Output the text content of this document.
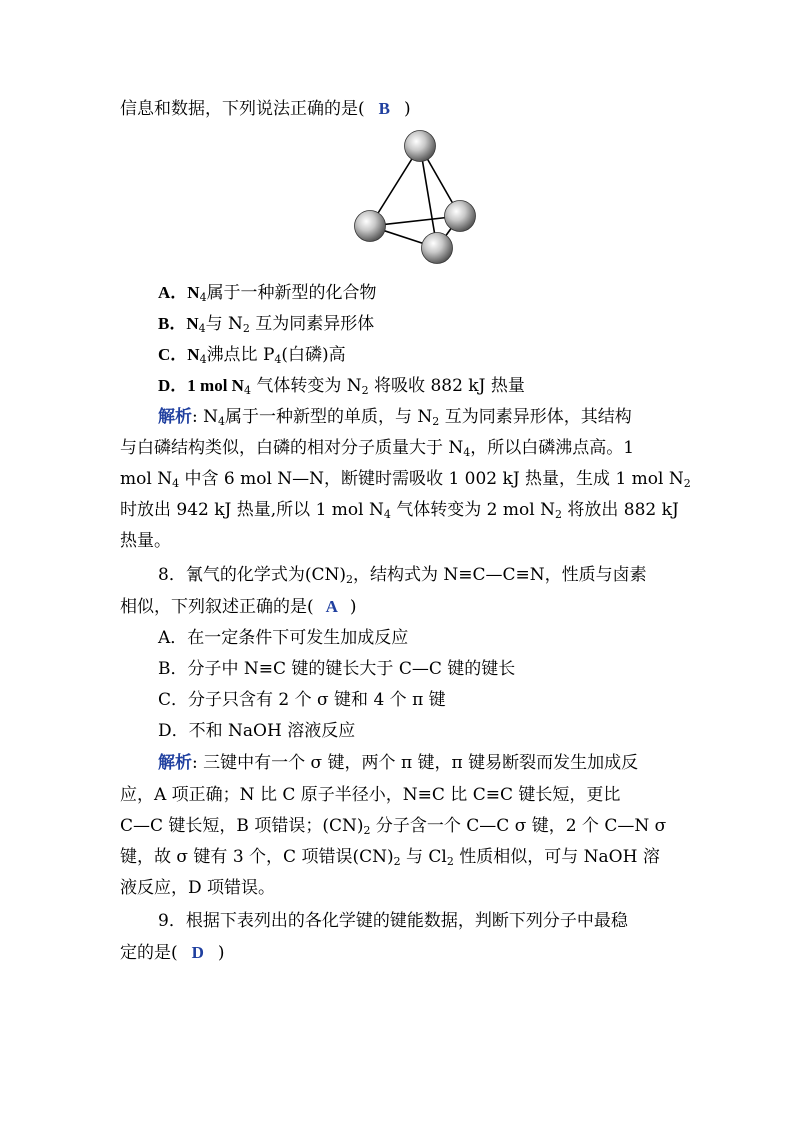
信息和数据，下列说法正确的是( B )
A．$N_4$属于一种新型的化合物
B．$N_4$与 $N_2$ 互为同素异形体
C．$N_4$沸点比 $P_4$(白磷)高
D．1 mol $N_4$ 气体转变为 $N_2$ 将吸收 882 kJ 热量
解析: $N_4$属于一种新型的单质，与 $N_2$ 互为同素异形体，其结构
与白磷结构类似，白磷的相对分子质量大于 $N_4$，所以白磷沸点高。1
mol $N_4$ 中含 6 mol N—N，断键时需吸收 1 002 kJ 热量，生成 1 mol $N_2$
时放出 942 kJ 热量,所以 1 mol $N_4$ 气体转变为 2 mol $N_2$ 将放出 882 kJ
热量。
8．氰气的化学式为$(CN)_2$，结构式为 N≡C—C≡N，性质与卤素
相似，下列叙述正确的是( A )
A．在一定条件下可发生加成反应
B．分子中 N≡C 键的键长大于 C—C 键的键长
C．分子只含有 2 个 σ 键和 4 个 π 键
D．不和 NaOH 溶液反应
解析: 三键中有一个 σ 键，两个 π 键，π 键易断裂而发生加成反
应，A 项正确；N 比 C 原子半径小，N≡C 比 C≡C 键长短，更比
C—C 键长短，B 项错误；$(CN)_2$ 分子含一个 C—C σ 键，2 个 C—N σ
键，故 σ 键有 3 个，C 项错误$(CN)_2$ 与 $Cl_2$ 性质相似，可与 NaOH 溶
液反应，D 项错误。
9．根据下表列出的各化学键的键能数据，判断下列分子中最稳
定的是( D )
